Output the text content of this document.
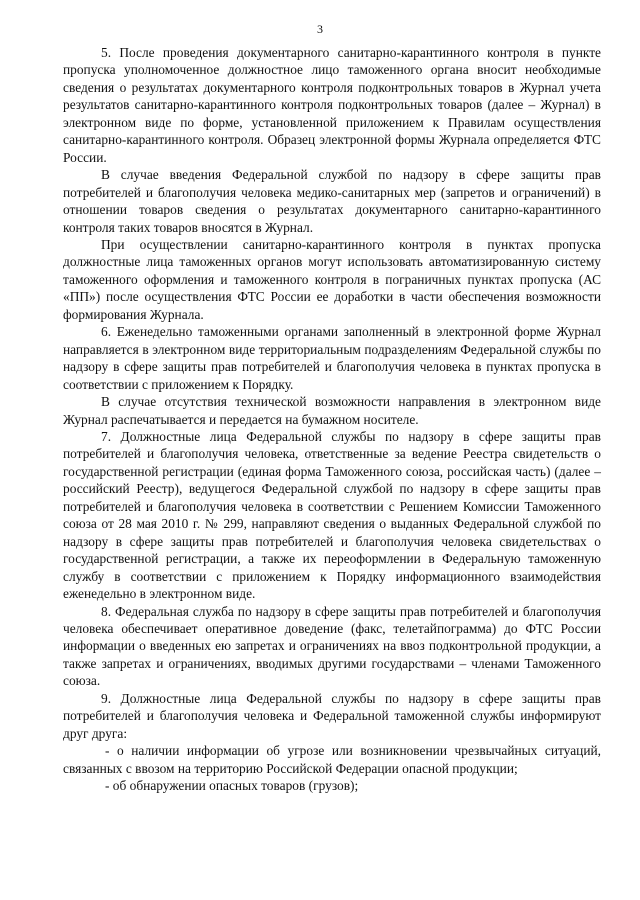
3

5. После проведения документарного санитарно-карантинного контроля в пункте пропуска уполномоченное должностное лицо таможенного органа вносит необходимые сведения о результатах документарного контроля подконтрольных товаров в Журнал учета результатов санитарно-карантинного контроля подконтрольных товаров (далее – Журнал) в электронном виде по форме, установленной приложением к Правилам осуществления санитарно-карантинного контроля. Образец электронной формы Журнала определяется ФТС России.

В случае введения Федеральной службой по надзору в сфере защиты прав потребителей и благополучия человека медико-санитарных мер (запретов и ограничений) в отношении товаров сведения о результатах документарного санитарно-карантинного контроля таких товаров вносятся в Журнал.

При осуществлении санитарно-карантинного контроля в пунктах пропуска должностные лица таможенных органов могут использовать автоматизированную систему таможенного оформления и таможенного контроля в пограничных пунктах пропуска (АС «ПП») после осуществления ФТС России ее доработки в части обеспечения возможности формирования Журнала.

6. Еженедельно таможенными органами заполненный в электронной форме Журнал направляется в электронном виде территориальным подразделениям Федеральной службы по надзору в сфере защиты прав потребителей и благополучия человека в пунктах пропуска в соответствии с приложением к Порядку.

В случае отсутствия технической возможности направления в электронном виде Журнал распечатывается и передается на бумажном носителе.

7. Должностные лица Федеральной службы по надзору в сфере защиты прав потребителей и благополучия человека, ответственные за ведение Реестра свидетельств о государственной регистрации (единая форма Таможенного союза, российская часть) (далее – российский Реестр), ведущегося Федеральной службой по надзору в сфере защиты прав потребителей и благополучия человека в соответствии с Решением Комиссии Таможенного союза от 28 мая 2010 г. № 299, направляют сведения о выданных Федеральной службой по надзору в сфере защиты прав потребителей и благополучия человека свидетельствах о государственной регистрации, а также их переоформлении в Федеральную таможенную службу в соответствии с приложением к Порядку информационного взаимодействия еженедельно в электронном виде.

8. Федеральная служба по надзору в сфере защиты прав потребителей и благополучия человека обеспечивает оперативное доведение (факс, телетайпограмма) до ФТС России информации о введенных ею запретах и ограничениях на ввоз подконтрольной продукции, а также запретах и ограничениях, вводимых другими государствами – членами Таможенного союза.

9. Должностные лица Федеральной службы по надзору в сфере защиты прав потребителей и благополучия человека и Федеральной таможенной службы информируют друг друга:

- о наличии информации об угрозе или возникновении чрезвычайных ситуаций, связанных с ввозом на территорию Российской Федерации опасной продукции;

- об обнаружении опасных товаров (грузов);
